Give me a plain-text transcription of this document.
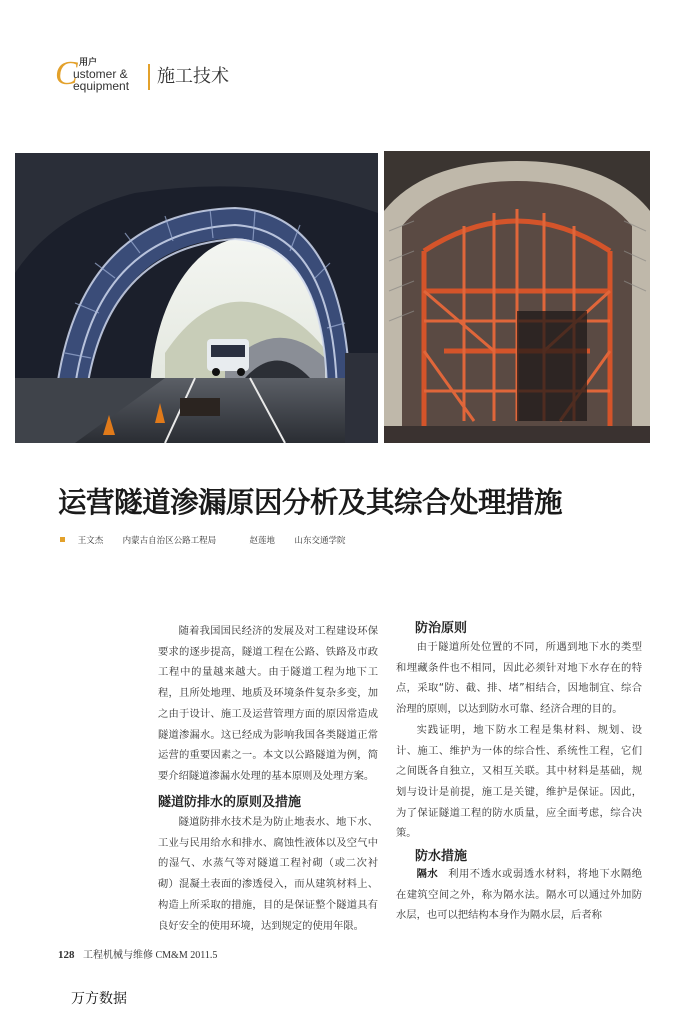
C 用户
ustomer &
equipment 施工技术
运营隧道渗漏原因分析及其综合处理措施
王文杰 内蒙古自治区公路工程局	赵莲地 山东交通学院

随着我国国民经济的发展及对工程建设环保要求的逐步提高，隧道工程在公路、铁路及市政工程中的量越来越大。由于隧道工程为地下工程，且所处地理、地质及环境条件复杂多变，加之由于设计、施工及运营管理方面的原因常造成隧道渗漏水。这已经成为影响我国各类隧道正常运营的重要因素之一。本文以公路隧道为例，简要介绍隧道渗漏水处理的基本原则及处理方案。

隧道防排水的原则及措施

隧道防排水技术是为防止地表水、地下水、工业与民用给水和排水、腐蚀性液体以及空气中的湿气、水蒸气等对隧道工程衬砌（或二次衬砌）混凝土表面的渗透侵入，而从建筑材料上、构造上所采取的措施，目的是保证整个隧道具有良好安全的使用环境，达到规定的使用年限。

防治原则

由于隧道所处位置的不同，所遇到地下水的类型和埋藏条件也不相同，因此必须针对地下水存在的特点，采取“防、截、排、堵”相结合，因地制宜、综合治理的原则，以达到防水可靠、经济合理的目的。

实践证明，地下防水工程是集材料、规划、设计、施工、维护为一体的综合性、系统性工程，它们之间既各自独立，又相互关联。其中材料是基础，规划与设计是前提，施工是关键，维护是保证。因此，为了保证隧道工程的防水质量，应全面考虑，综合决策。

防水措施

隔水 利用不透水或弱透水材料，将地下水隔绝在建筑空间之外，称为隔水法。隔水可以通过外加防水层，也可以把结构本身作为隔水层，后者称

128 工程机械与维修 CM&M 2011.5
万方数据
